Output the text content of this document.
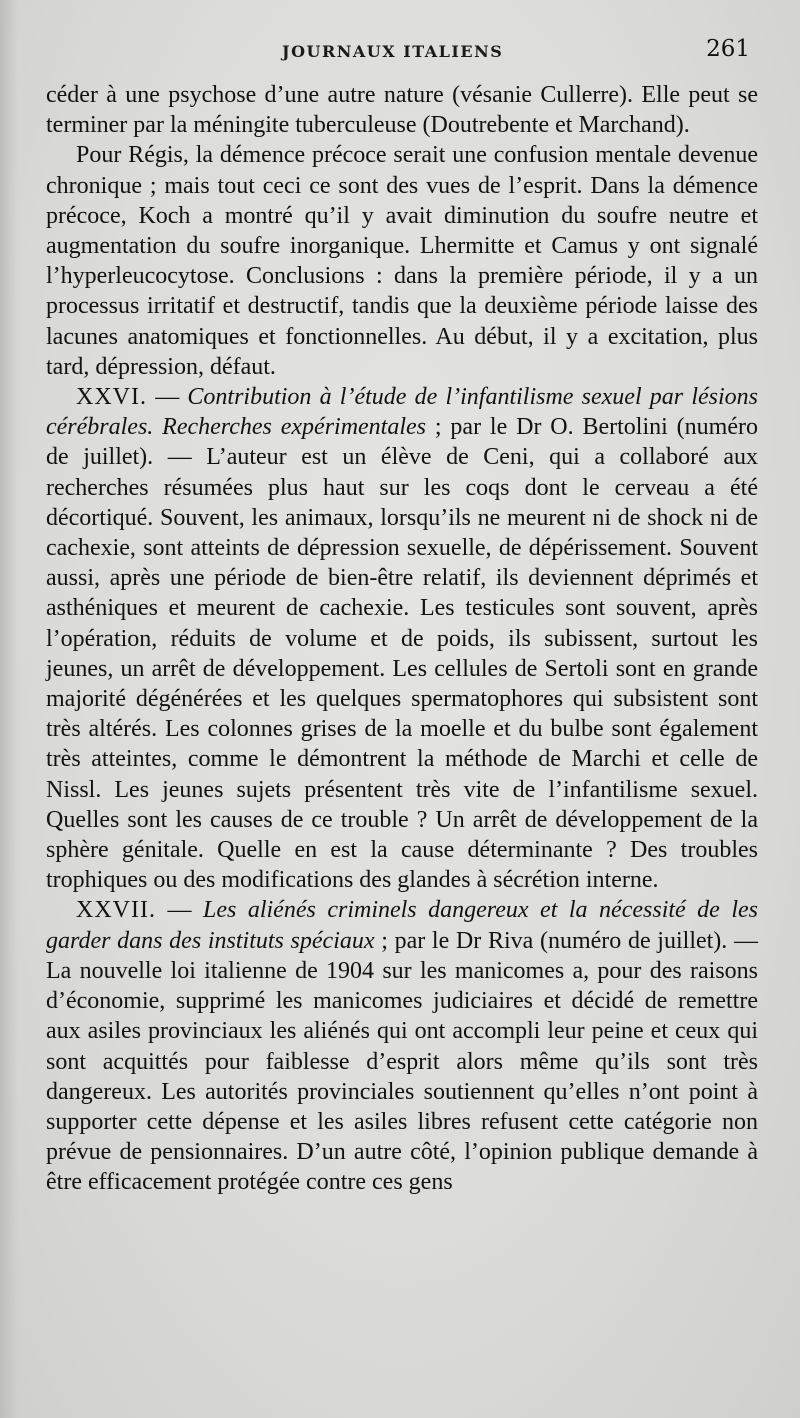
JOURNAUX ITALIENS	261

céder à une psychose d’une autre nature (vésanie Cullerre). Elle peut se terminer par la méningite tuberculeuse (Doutrebente et Marchand).

Pour Régis, la démence précoce serait une confusion mentale devenue chronique ; mais tout ceci ce sont des vues de l’esprit. Dans la démence précoce, Koch a montré qu’il y avait diminution du soufre neutre et augmentation du soufre inorganique. Lhermitte et Camus y ont signalé l’hyperleucocytose. Conclusions : dans la première période, il y a un processus irritatif et destructif, tandis que la deuxième période laisse des lacunes anatomiques et fonctionnelles. Au début, il y a excitation, plus tard, dépression, défaut.

XXVI. — Contribution à l’étude de l’infantilisme sexuel par lésions cérébrales. Recherches expérimentales ; par le Dr O. Bertolini (numéro de juillet). — L’auteur est un élève de Ceni, qui a collaboré aux recherches résumées plus haut sur les coqs dont le cerveau a été décortiqué. Souvent, les animaux, lorsqu’ils ne meurent ni de shock ni de cachexie, sont atteints de dépression sexuelle, de dépérissement. Souvent aussi, après une période de bien-être relatif, ils deviennent déprimés et asthéniques et meurent de cachexie. Les testicules sont souvent, après l’opération, réduits de volume et de poids, ils subissent, surtout les jeunes, un arrêt de développement. Les cellules de Sertoli sont en grande majorité dégénérées et les quelques spermatophores qui subsistent sont très altérés. Les colonnes grises de la moelle et du bulbe sont également très atteintes, comme le démontrent la méthode de Marchi et celle de Nissl. Les jeunes sujets présentent très vite de l’infantilisme sexuel. Quelles sont les causes de ce trouble ? Un arrêt de développement de la sphère génitale. Quelle en est la cause déterminante ? Des troubles trophiques ou des modifications des glandes à sécrétion interne.

XXVII. — Les aliénés criminels dangereux et la nécessité de les garder dans des instituts spéciaux ; par le Dr Riva (numéro de juillet). — La nouvelle loi italienne de 1904 sur les manicomes a, pour des raisons d’économie, supprimé les manicomes judiciaires et décidé de remettre aux asiles provinciaux les aliénés qui ont accompli leur peine et ceux qui sont acquittés pour faiblesse d’esprit alors même qu’ils sont très dangereux. Les autorités provinciales soutiennent qu’elles n’ont point à supporter cette dépense et les asiles libres refusent cette catégorie non prévue de pensionnaires. D’un autre côté, l’opinion publique demande à être efficacement protégée contre ces gens
